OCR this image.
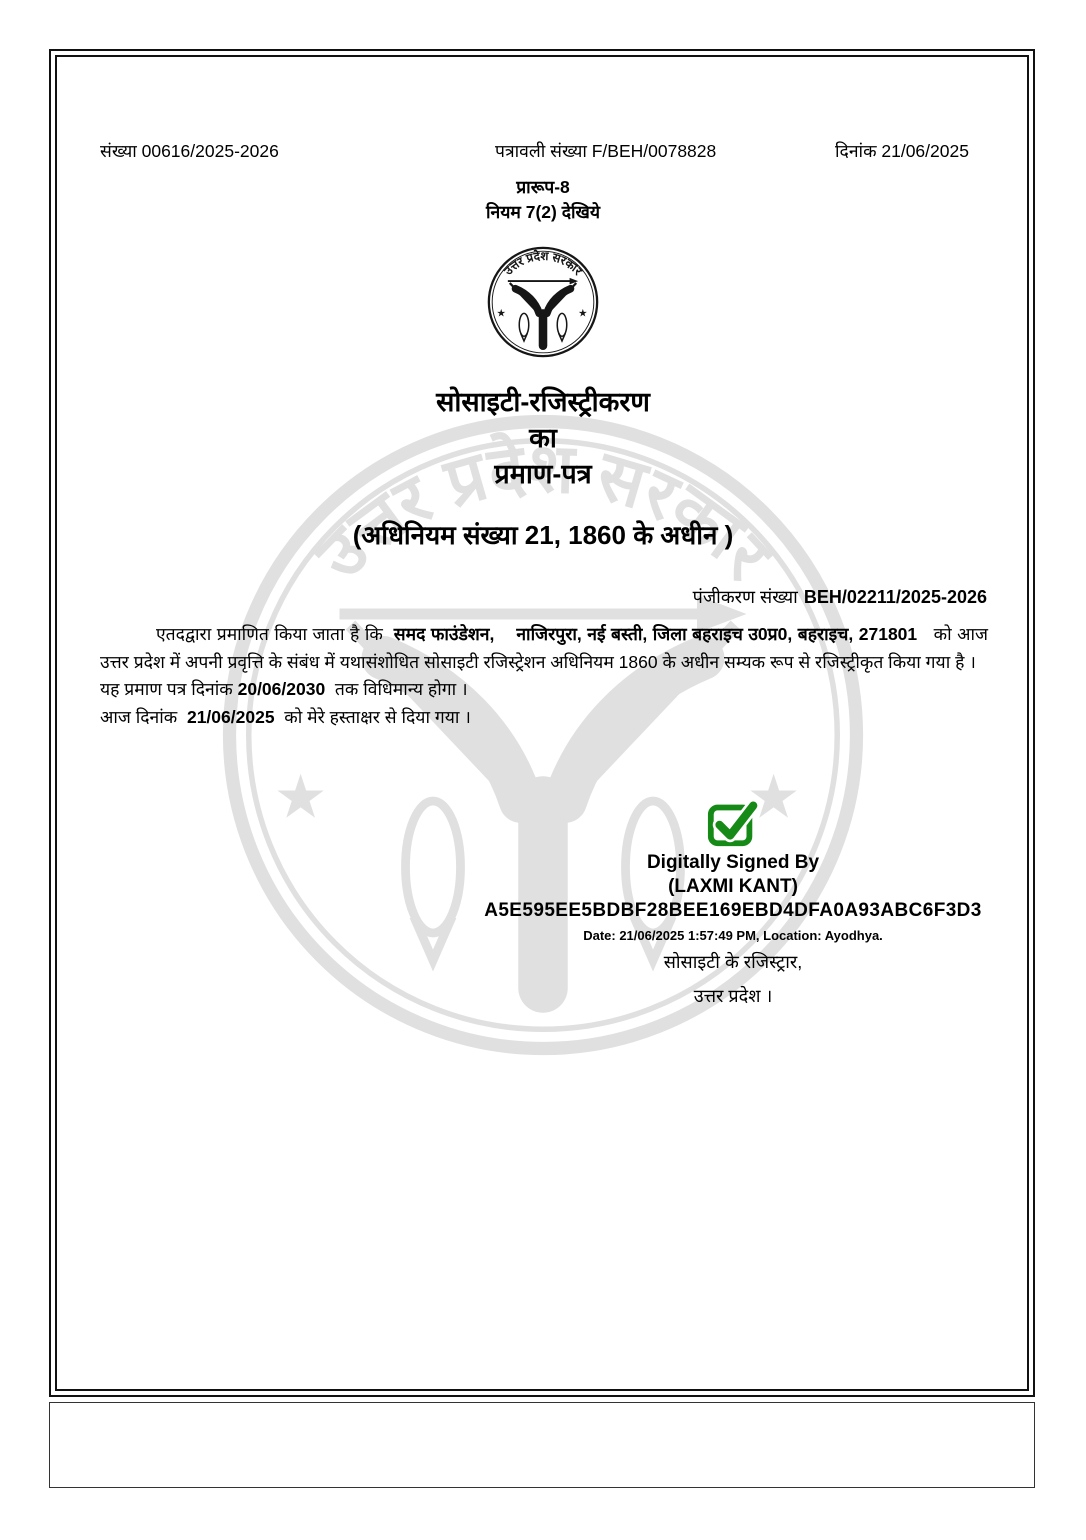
संख्या 00616/2025-2026	पत्रावली संख्या F/BEH/0078828	दिनांक 21/06/2025
प्रारूप-8
नियम 7(2) देखिये
सोसाइटी-रजिस्ट्रीकरण
का
प्रमाण-पत्र
(अधिनियम संख्या 21, 1860 के अधीन )
पंजीकरण संख्या BEH/02211/2025-2026
एतदद्वारा प्रमाणित किया जाता है कि  समद फाउंडेशन,    नाजिरपुरा, नई बस्ती, जिला बहराइच उ0प्र0, बहराइच, 271801   को आज उत्तर प्रदेश में अपनी प्रवृत्ति के संबंध में यथासंशोधित सोसाइटी रजिस्ट्रेशन अधिनियम 1860 के अधीन सम्यक रूप से रजिस्ट्रीकृत किया गया है ।
यह प्रमाण पत्र दिनांक 20/06/2030  तक विधिमान्य होगा ।
आज दिनांक  21/06/2025  को मेरे हस्ताक्षर से दिया गया ।
Digitally Signed By
(LAXMI KANT)
A5E595EE5BDBF28BEE169EBD4DFA0A93ABC6F3D3
Date: 21/06/2025 1:57:49 PM, Location: Ayodhya.
सोसाइटी के रजिस्ट्रार,
उत्तर प्रदेश ।
